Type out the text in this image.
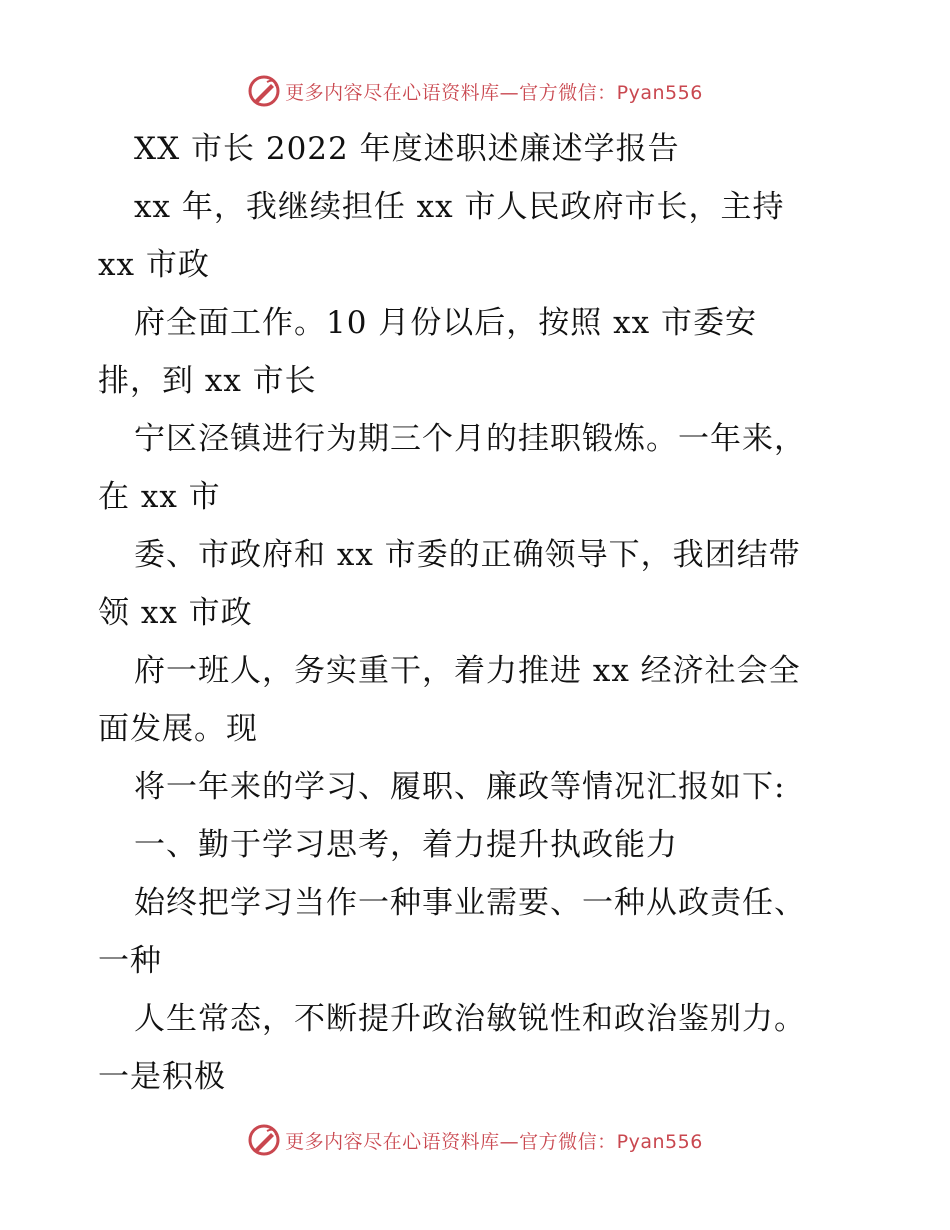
更多内容尽在心语资料库—官方微信：Pyan556
XX 市长 2022 年度述职述廉述学报告
xx 年，我继续担任 xx 市人民政府市长，主持
xx 市政
府全面工作。10 月份以后，按照 xx 市委安
排，到 xx 市长
宁区泾镇进行为期三个月的挂职锻炼。一年来，
在 xx 市
委、市政府和 xx 市委的正确领导下，我团结带
领 xx 市政
府一班人，务实重干，着力推进 xx 经济社会全
面发展。现
将一年来的学习、履职、廉政等情况汇报如下:
一、勤于学习思考，着力提升执政能力
始终把学习当作一种事业需要、一种从政责任、
一种
人生常态，不断提升政治敏锐性和政治鉴别力。
一是积极
更多内容尽在心语资料库—官方微信：Pyan556
